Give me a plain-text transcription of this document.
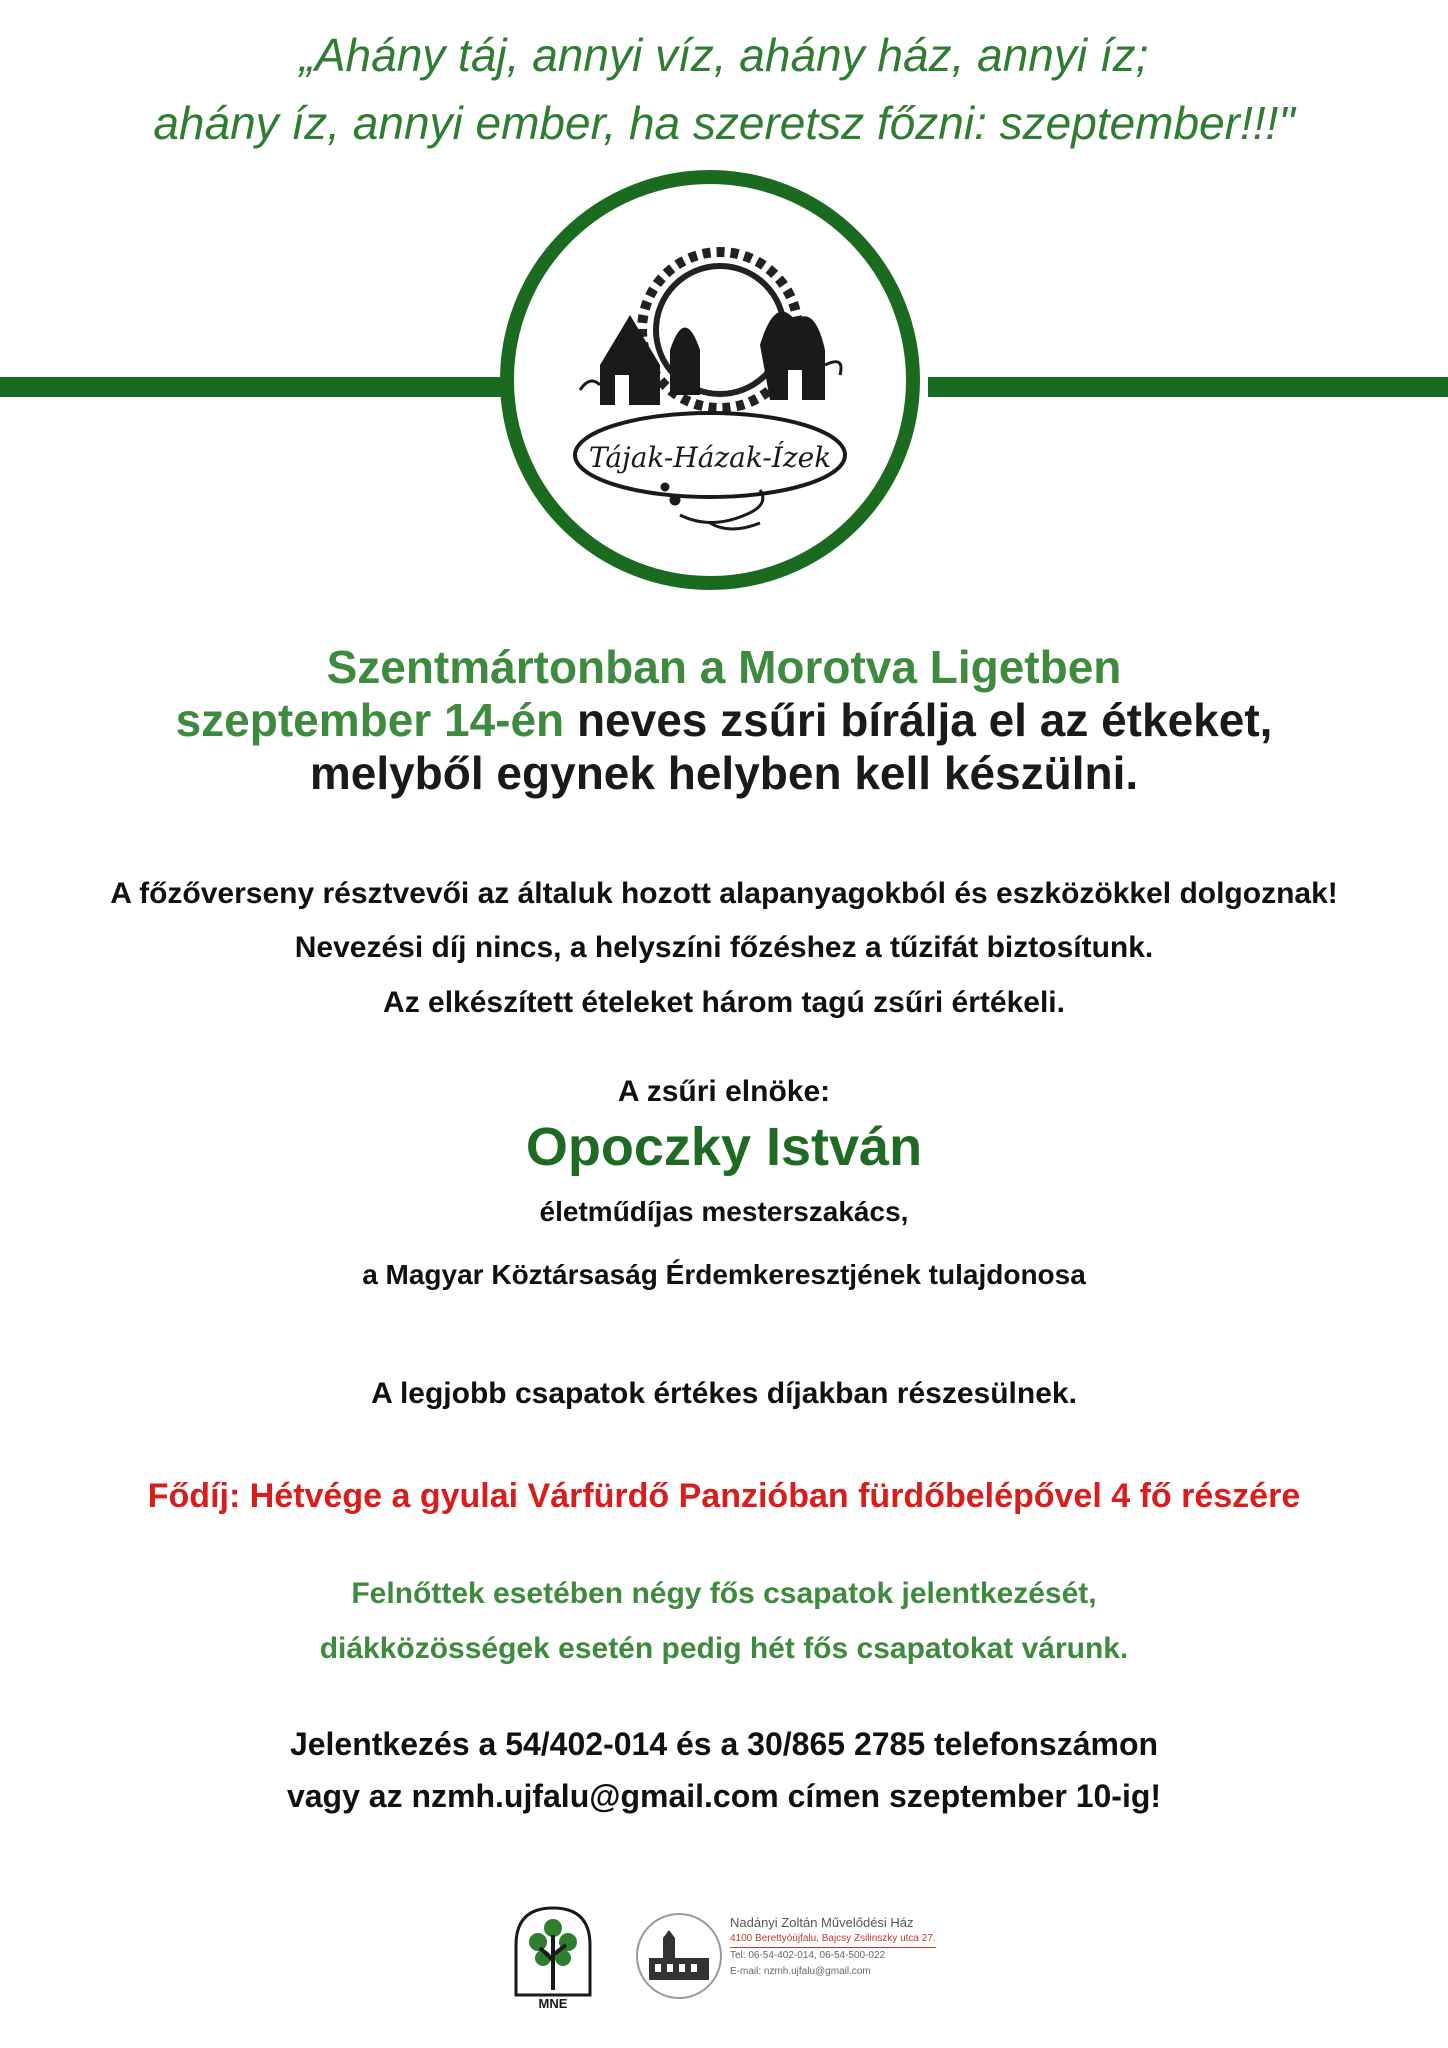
„Ahány táj, annyi víz, ahány ház, annyi íz;
ahány íz, annyi ember, ha szeretsz főzni: szeptember!!!"
Tájak-Házak-Ízek
Szentmártonban a Morotva Ligetben
szeptember 14-én neves zsűri bírálja el az étkeket,
melyből egynek helyben kell készülni.
A főzőverseny résztvevői az általuk hozott alapanyagokból és eszközökkel dolgoznak!
Nevezési díj nincs, a helyszíni főzéshez a tűzifát biztosítunk.
Az elkészített ételeket három tagú zsűri értékeli.
A zsűri elnöke:
Opoczky István
életműdíjas mesterszakács,
a Magyar Köztársaság Érdemkeresztjének tulajdonosa
A legjobb csapatok értékes díjakban részesülnek.
Fődíj: Hétvége a gyulai Várfürdő Panzióban fürdőbelépővel 4 fő részére
Felnőttek esetében négy fős csapatok jelentkezését,
diákközösségek esetén pedig hét fős csapatokat várunk.
Jelentkezés a 54/402-014 és a 30/865 2785 telefonszámon
vagy az nzmh.ujfalu@gmail.com címen szeptember 10-ig!
MNE
Nadányi Zoltán Művelődési Ház
4100 Berettyóújfalu, Bajcsy Zsilinszky utca 27.
Tel: 06-54-402-014, 06-54-500-022
E-mail: nzmh.ujfalu@gmail.com
